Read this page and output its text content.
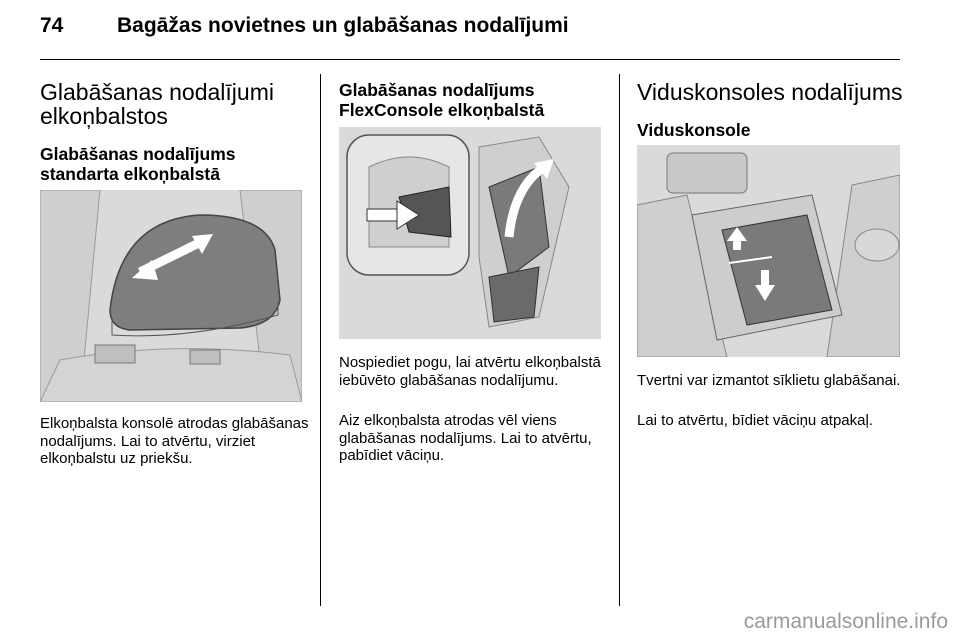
74	Bagāžas novietnes un glabāšanas nodalījumi
Glabāšanas nodalījumi elkoņbalstos
Glabāšanas nodalījums standarta elkoņbalstā

Elkoņbalsta konsolē atrodas glabāšanas nodalījums. Lai to atvērtu, virziet elkoņbalstu uz priekšu.

Glabāšanas nodalījums FlexConsole elkoņbalstā

Nospiediet pogu, lai atvērtu elkoņbalstā iebūvēto glabāšanas nodalījumu.

Aiz elkoņbalsta atrodas vēl viens glabāšanas nodalījums. Lai to atvērtu, pabīdiet vāciņu.

Viduskonsoles nodalījums
Viduskonsole

Tvertni var izmantot sīklietu glabāšanai.

Lai to atvērtu, bīdiet vāciņu atpakaļ.

carmanualsonline.info
